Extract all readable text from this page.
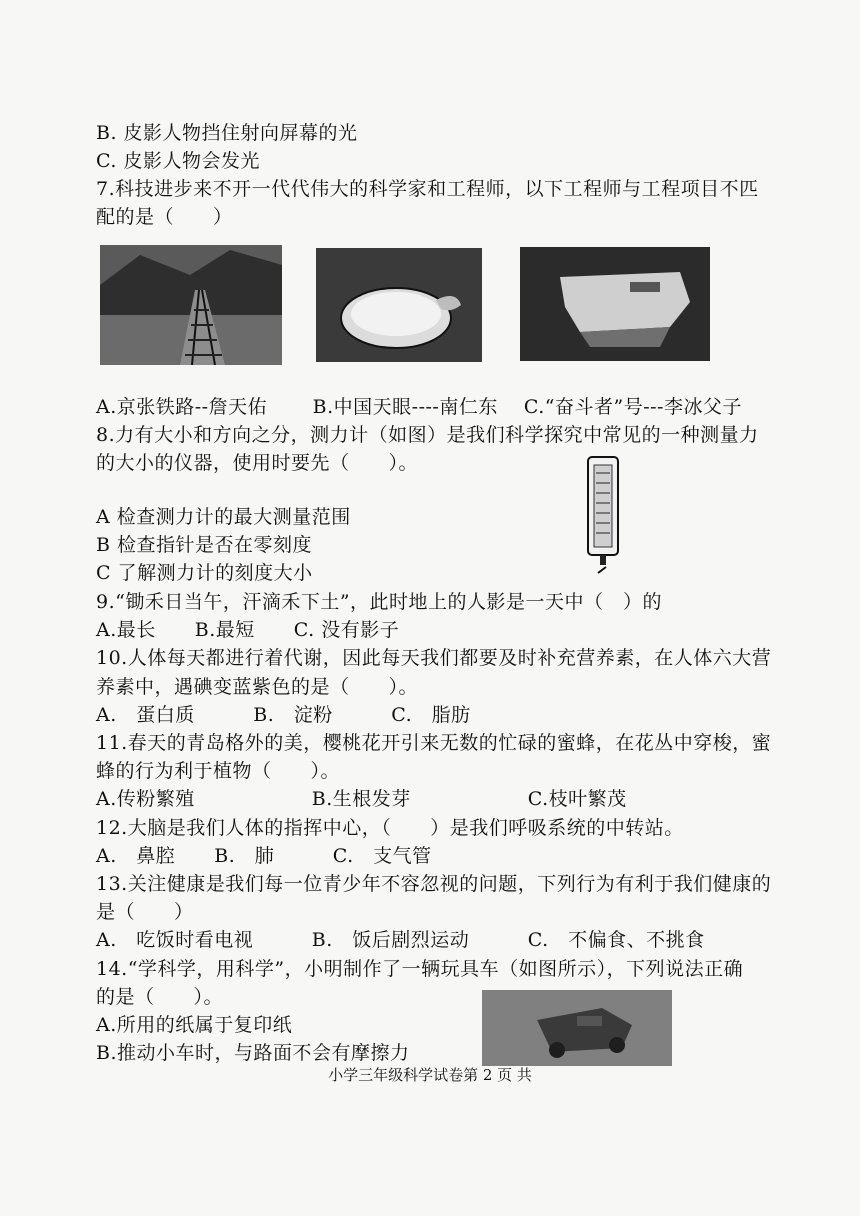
B. 皮影人物挡住射向屏幕的光
C. 皮影人物会发光
7.科技进步来不开一代代伟大的科学家和工程师，以下工程师与工程项目不匹
配的是（　　）
A.京张铁路--詹天佑　　 B.中国天眼----南仁东　 C.“奋斗者”号---李冰父子
8.力有大小和方向之分，测力计（如图）是我们科学探究中常见的一种测量力
的大小的仪器，使用时要先（　　）。
A 检查测力计的最大测量范围
B 检查指针是否在零刻度
C 了解测力计的刻度大小
9.“锄禾日当午，汗滴禾下土”，此时地上的人影是一天中（　）的
A.最长　　B.最短　　C. 没有影子
10.人体每天都进行着代谢，因此每天我们都要及时补充营养素，在人体六大营
养素中，遇碘变蓝紫色的是（　　）。
A.　蛋白质　　　B.　淀粉　　　C.　脂肪
11.春天的青岛格外的美，樱桃花开引来无数的忙碌的蜜蜂，在花丛中穿梭，蜜
蜂的行为利于植物（　　）。
A.传粉繁殖　　　　　　B.生根发芽　　　　　　C.枝叶繁茂
12.大脑是我们人体的指挥中心，（　　）是我们呼吸系统的中转站。
A.　鼻腔　　B.　肺　　　C.　支气管
13.关注健康是我们每一位青少年不容忽视的问题，下列行为有利于我们健康的
是（　　）
A.　吃饭时看电视　　　B.　饭后剧烈运动　　　C.　不偏食、不挑食
14.“学科学，用科学”，小明制作了一辆玩具车（如图所示），下列说法正确
的是（　　）。
A.所用的纸属于复印纸
B.推动小车时，与路面不会有摩擦力
小学三年级科学试卷第 2 页 共
